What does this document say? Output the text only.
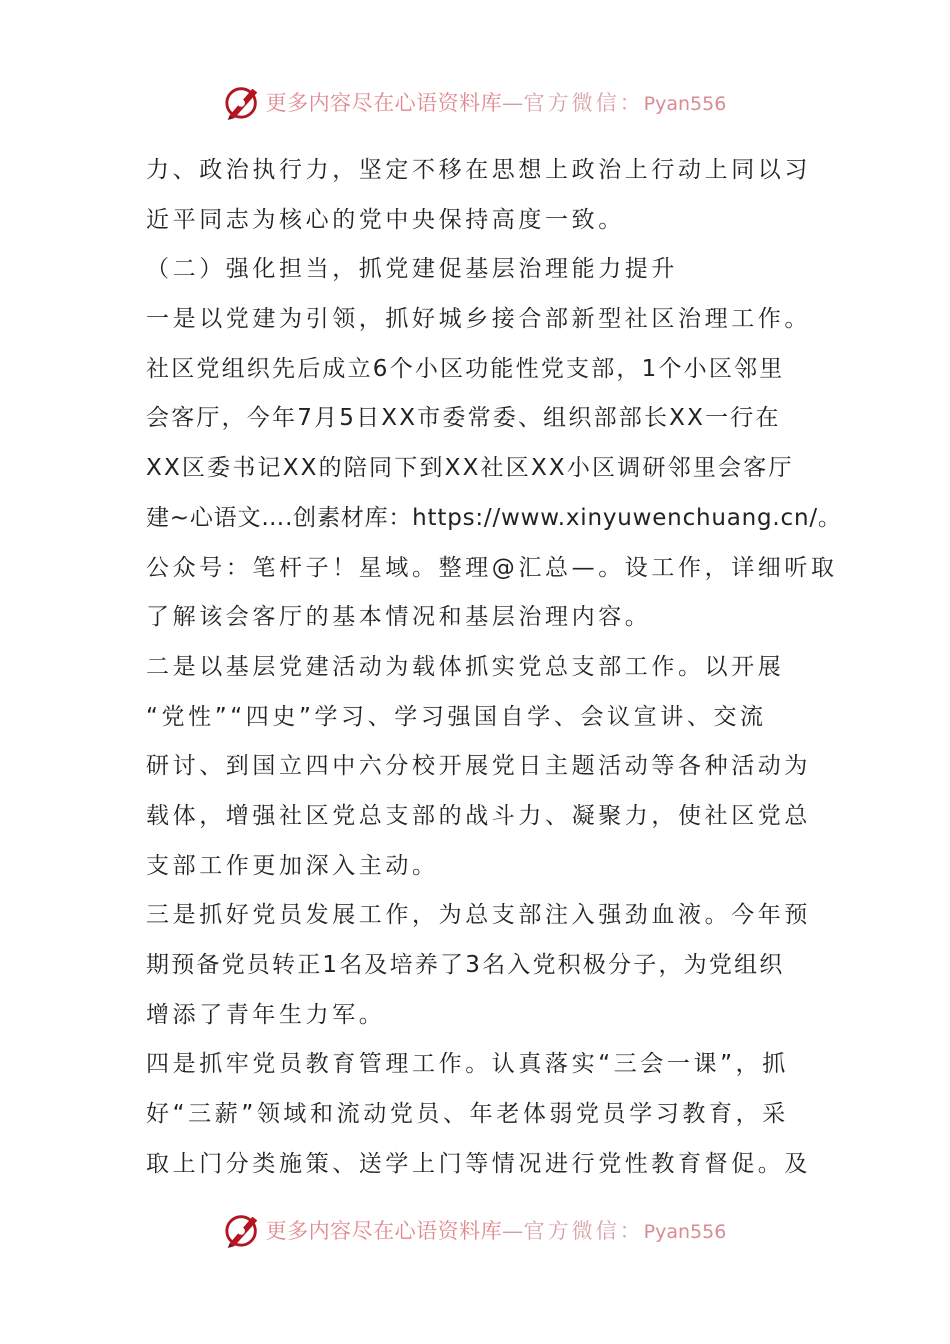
更多内容尽在心语资料库—官方微信：Pyan556
力、政治执行力，坚定不移在思想上政治上行动上同以习
近平同志为核心的党中央保持高度一致。
（二）强化担当，抓党建促基层治理能力提升
一是以党建为引领，抓好城乡接合部新型社区治理工作。
社区党组织先后成立6个小区功能性党支部，1个小区邻里
会客厅，今年7月5日XX市委常委、组织部部长XX一行在
XX区委书记XX的陪同下到XX社区XX小区调研邻里会客厅
建~心语文….创素材库：https://www.xinyuwenchuang.cn/。
公众号：笔杆子！星域。整理@汇总—。设工作，详细听取
了解该会客厅的基本情况和基层治理内容。
二是以基层党建活动为载体抓实党总支部工作。以开展
“党性”“四史”学习、学习强国自学、会议宣讲、交流
研讨、到国立四中六分校开展党日主题活动等各种活动为
载体，增强社区党总支部的战斗力、凝聚力，使社区党总
支部工作更加深入主动。
三是抓好党员发展工作，为总支部注入强劲血液。今年预
期预备党员转正1名及培养了3名入党积极分子，为党组织
增添了青年生力军。
四是抓牢党员教育管理工作。认真落实“三会一课”，抓
好“三薪”领域和流动党员、年老体弱党员学习教育，采
取上门分类施策、送学上门等情况进行党性教育督促。及
更多内容尽在心语资料库—官方微信：Pyan556
